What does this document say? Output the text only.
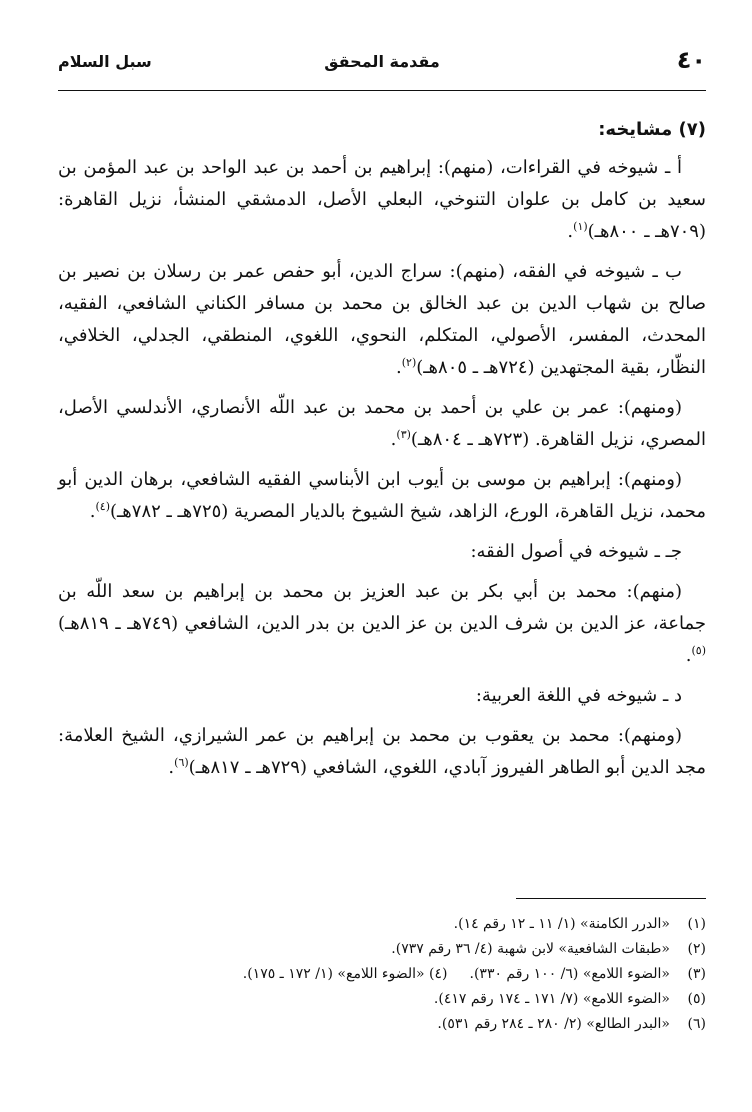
٤٠
مقدمة المحقق
سبل السلام
(٧) مشايخه:

أ ـ شيوخه في القراءات، (منهم): إبراهيم بن أحمد بن عبد الواحد بن عبد المؤمن بن سعيد بن كامل بن علوان التنوخي، البعلي الأصل، الدمشقي المنشأ، نزيل القاهرة: (٧٠٩هـ ـ ٨٠٠هـ)$^{(١)}$.

ب ـ شيوخه في الفقه، (منهم): سراج الدين، أبو حفص عمر بن رسلان بن نصير بن صالح بن شهاب الدين بن عبد الخالق بن محمد بن مسافر الكناني الشافعي، الفقيه، المحدث، المفسر، الأصولي، المتكلم، النحوي، اللغوي، المنطقي، الجدلي، الخلافي، النظّار، بقية المجتهدين (٧٢٤هـ ـ ٨٠٥هـ)$^{(٢)}$.

(ومنهم): عمر بن علي بن أحمد بن محمد بن عبد اللّه الأنصاري، الأندلسي الأصل، المصري، نزيل القاهرة. (٧٢٣هـ ـ ٨٠٤هـ)$^{(٣)}$.

(ومنهم): إبراهيم بن موسى بن أيوب ابن الأبناسي الفقيه الشافعي، برهان الدين أبو محمد، نزيل القاهرة، الورع، الزاهد، شيخ الشيوخ بالديار المصرية (٧٢٥هـ ـ ٧٨٢هـ)$^{(٤)}$.

جـ ـ شيوخه في أصول الفقه:

(منهم): محمد بن أبي بكر بن عبد العزيز بن محمد بن إبراهيم بن سعد اللّه بن جماعة، عز الدين بن شرف الدين بن عز الدين بن بدر الدين، الشافعي (٧٤٩هـ ـ ٨١٩هـ)$^{(٥)}$.

د ـ شيوخه في اللغة العربية:

(ومنهم): محمد بن يعقوب بن محمد بن إبراهيم بن عمر الشيرازي، الشيخ العلامة: مجد الدين أبو الطاهر الفيروز آبادي، اللغوي، الشافعي (٧٢٩هـ ـ ٨١٧هـ)$^{(٦)}$.

(١)
«الدرر الكامنة» (١/ ١١ ـ ١٢ رقم ١٤).
(٢)
«طبقات الشافعية» لابن شهبة (٤/ ٣٦ رقم ٧٣٧).
(٣)
«الضوء اللامع» (٦/ ١٠٠ رقم ٣٣٠).(٤) «الضوء اللامع» (١/ ١٧٢ ـ ١٧٥).
(٥)
«الضوء اللامع» (٧/ ١٧١ ـ ١٧٤ رقم ٤١٧).
(٦)
«البدر الطالع» (٢/ ٢٨٠ ـ ٢٨٤ رقم ٥٣١).
